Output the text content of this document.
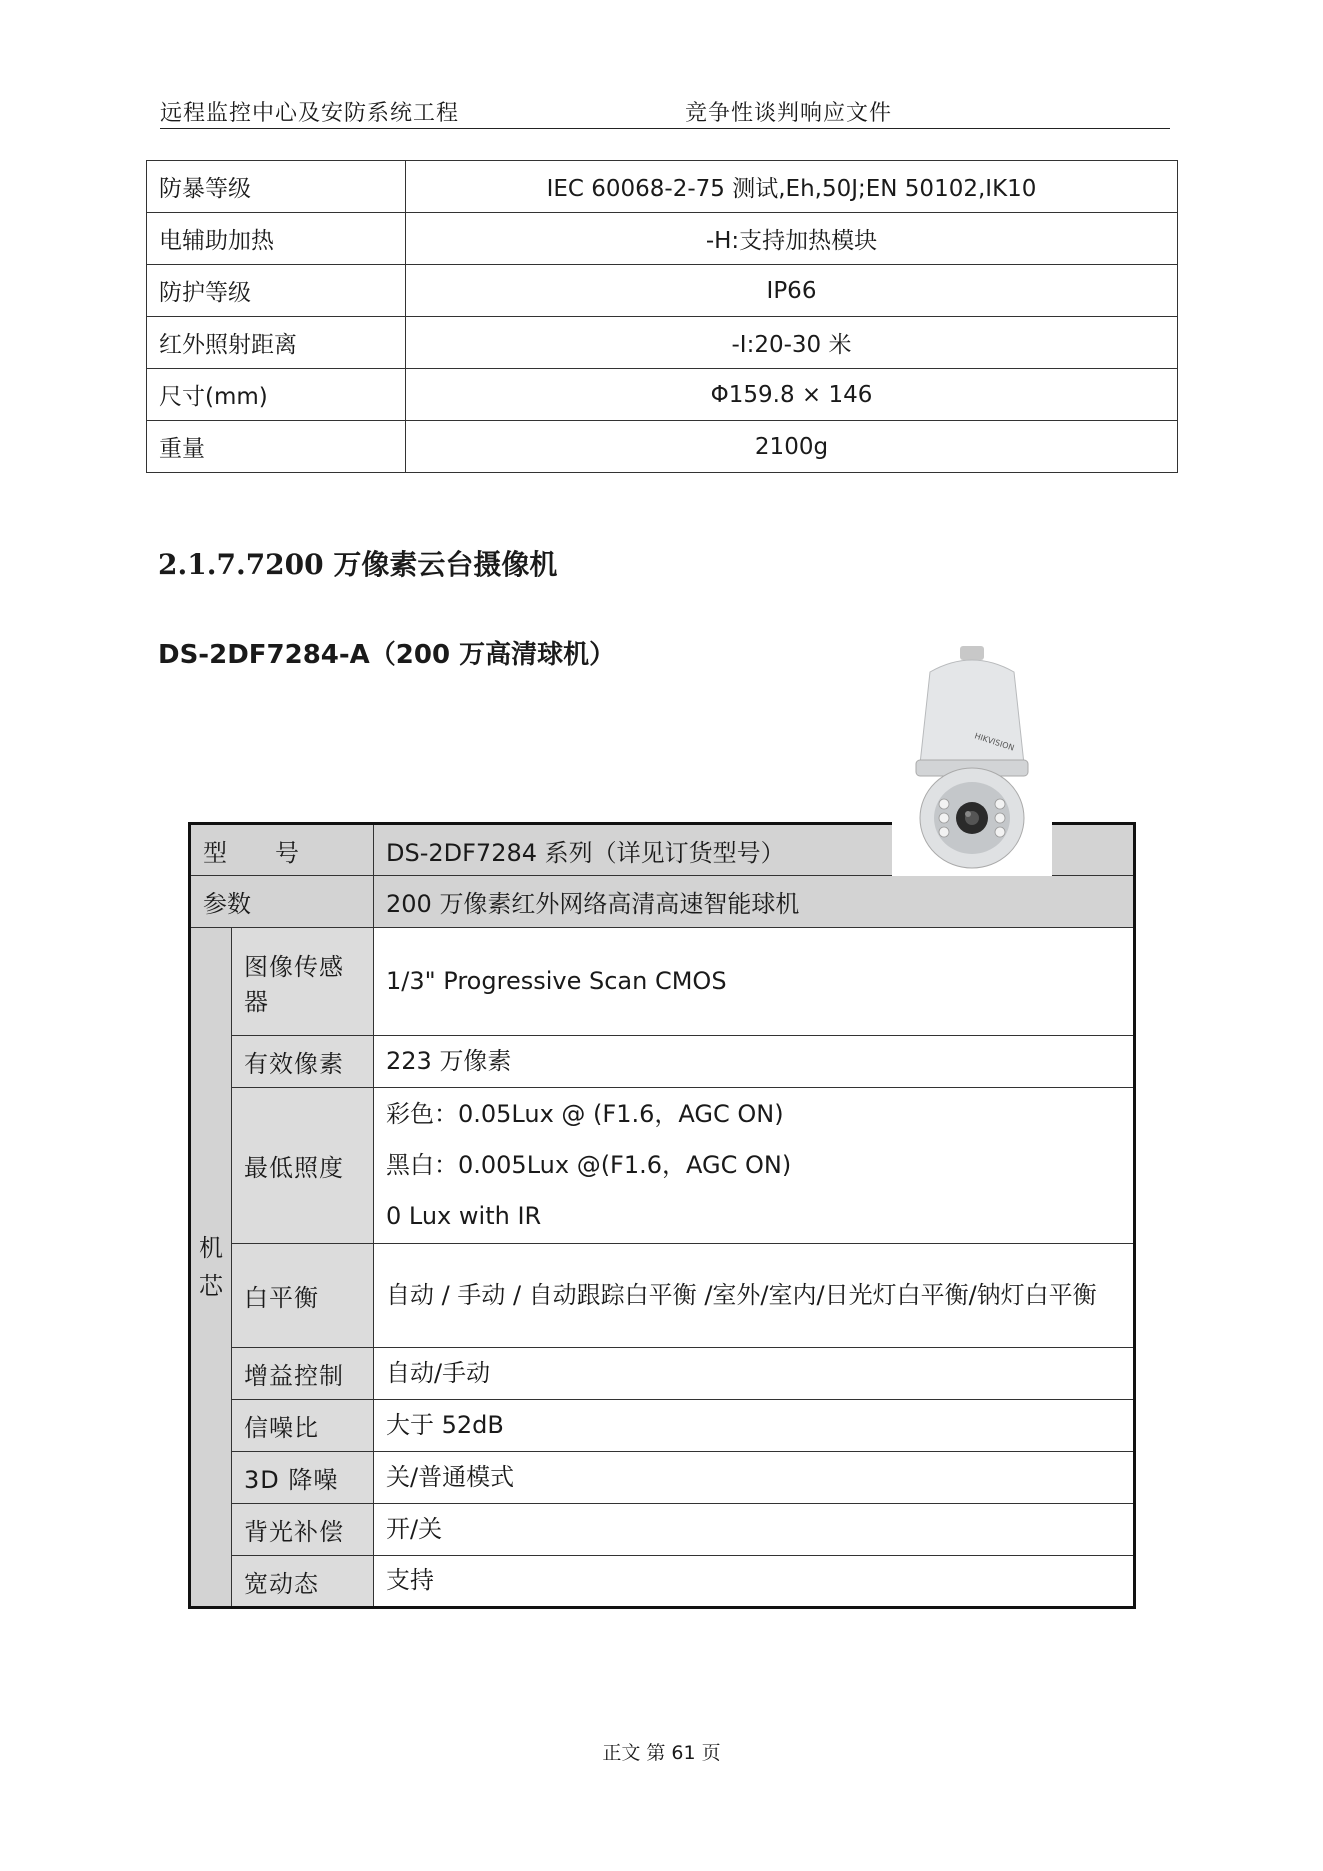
远程监控中心及安防系统工程	竞争性谈判响应文件
防暴等级	IEC 60068-2-75 测试,Eh,50J;EN 50102,IK10
电辅助加热	-H:支持加热模块
防护等级	IP66
红外照射距离	-I:20-30 米
尺寸(mm)	Φ159.8 × 146
重量	2100g
2.1.7.7200 万像素云台摄像机
DS-2DF7284-A（200 万高清球机）
型　　号		DS-2DF7284 系列（详见订货型号）
参数		200 万像素红外网络高清高速智能球机
机芯	图像传感器	1/3" Progressive Scan CMOS

	有效像素	223 万像素

	最低照度	彩色：0.05Lux @ (F1.6，AGC ON)
黑白：0.005Lux @(F1.6，AGC ON)
0 Lux with IR

	白平衡	自动 / 手动 / 自动跟踪白平衡 /室外/室内/日光灯白平衡/钠灯白平衡

	增益控制	自动/手动

	信噪比	大于 52dB

	3D 降噪	关/普通模式

	背光补偿	开/关

	宽动态	支持
HIKVISION
正文 第 61 页
